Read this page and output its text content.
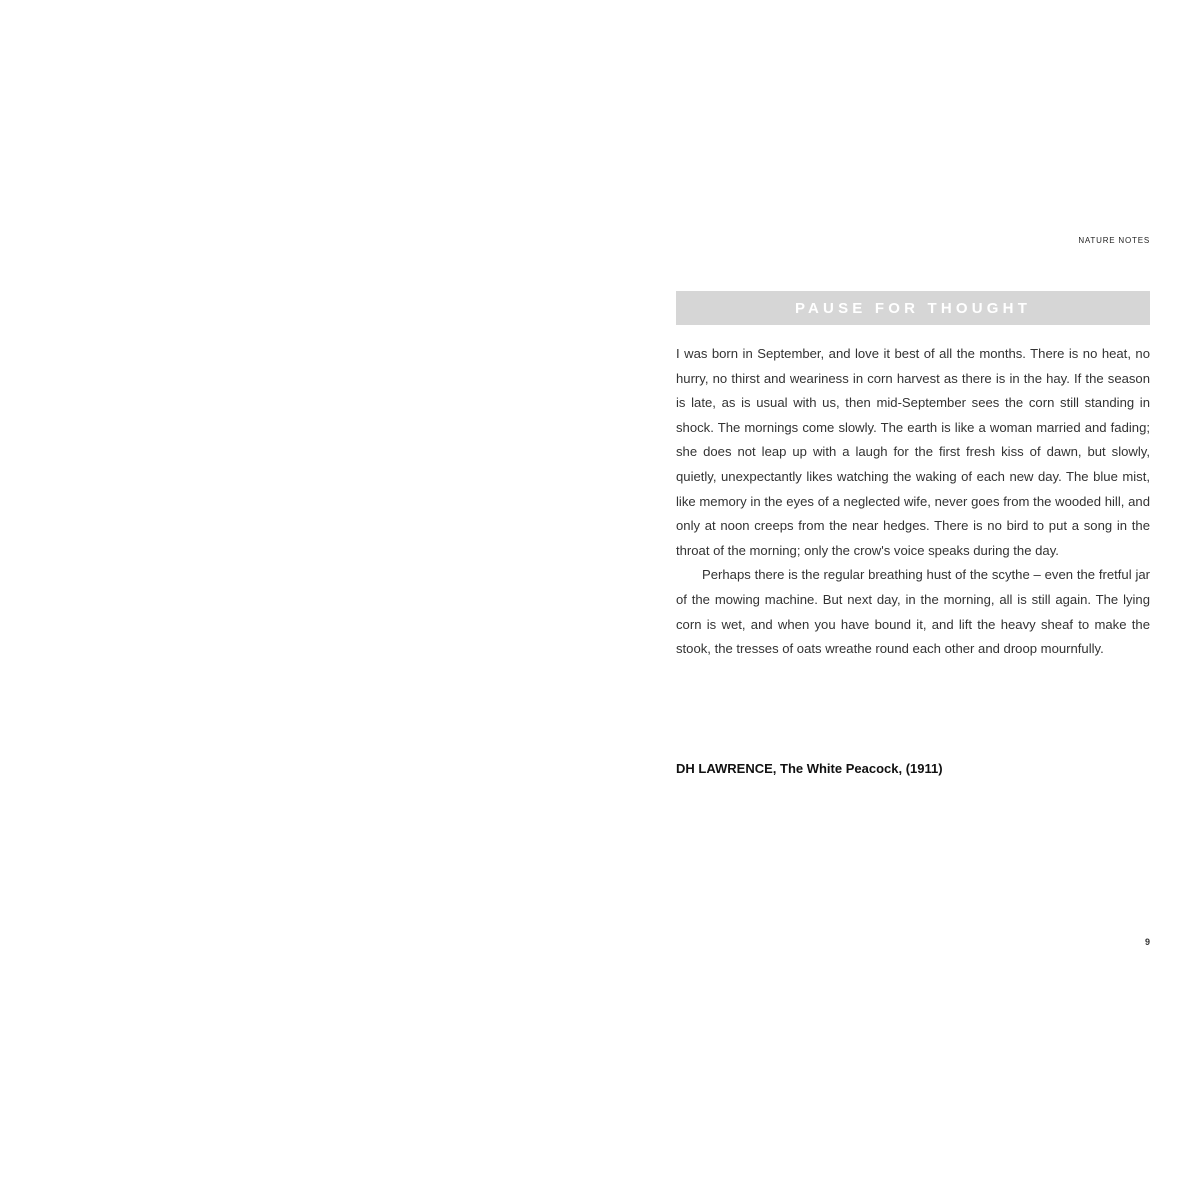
NATURE NOTES
PAUSE FOR THOUGHT

I was born in September, and love it best of all the months. There is no heat, no hurry, no thirst and weariness in corn harvest as there is in the hay. If the season is late, as is usual with us, then mid-September sees the corn still standing in shock. The mornings come slowly. The earth is like a woman married and fading; she does not leap up with a laugh for the first fresh kiss of dawn, but slowly, quietly, unexpectantly likes watching the waking of each new day. The blue mist, like memory in the eyes of a neglected wife, never goes from the wooded hill, and only at noon creeps from the near hedges. There is no bird to put a song in the throat of the morning; only the crow's voice speaks during the day.

Perhaps there is the regular breathing hust of the scythe – even the fretful jar of the mowing machine. But next day, in the morning, all is still again. The lying corn is wet, and when you have bound it, and lift the heavy sheaf to make the stook, the tresses of oats wreathe round each other and droop mournfully.

DH LAWRENCE, The White Peacock, (1911)
9
